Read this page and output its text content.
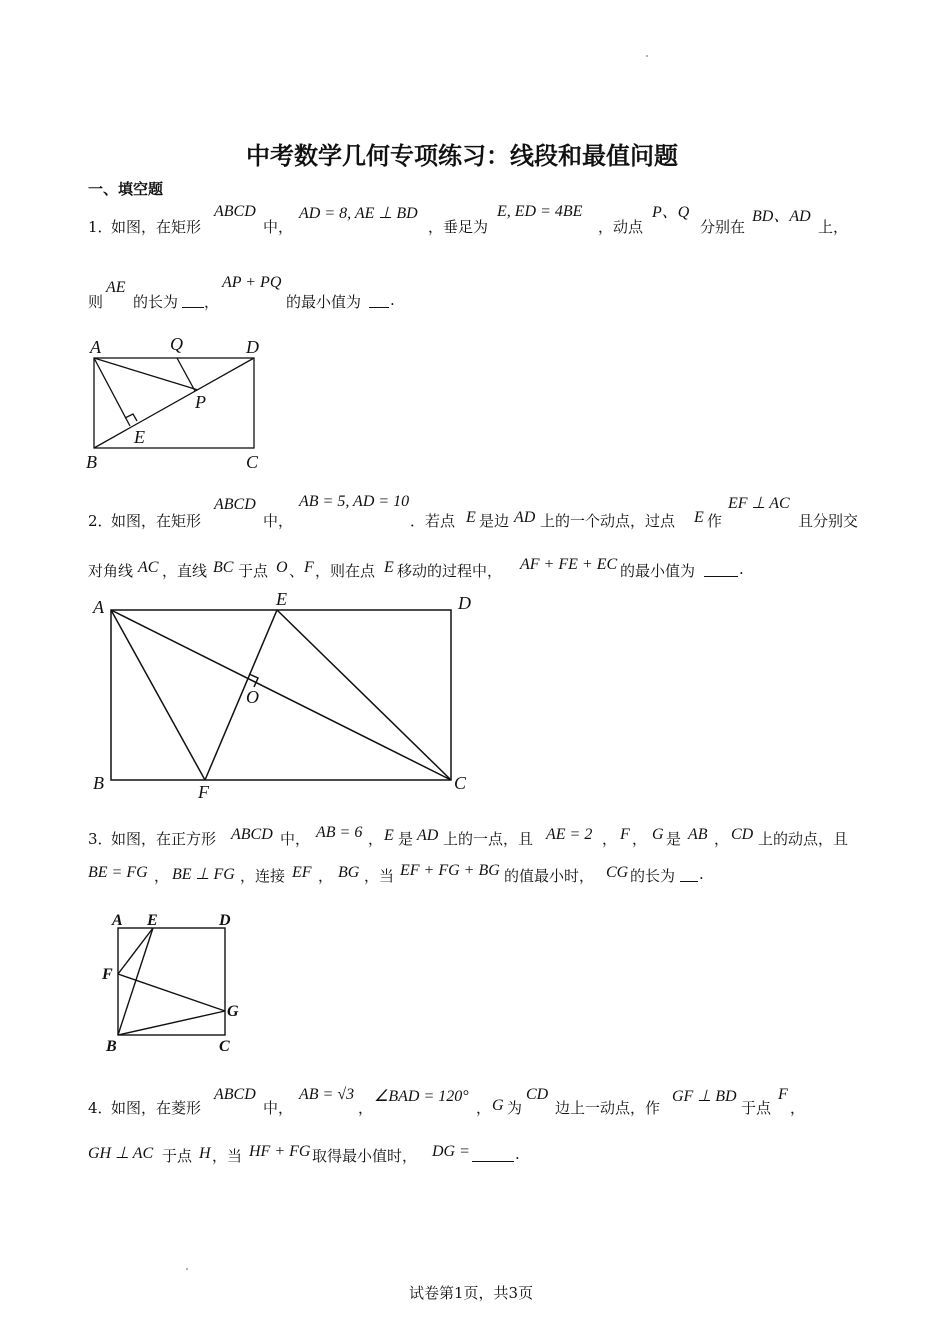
中考数学几何专项练习：线段和最值问题
一、填空题
1．
如图，在矩形
ABCD
中，
AD = 8, AE ⊥ BD
，垂足为
E, ED = 4BE
，动点
P、Q
分别在
BD、AD
上，
则
AE
的长为 ，
AP + PQ
的最小值为 .
A	Q	D
P
E
B	C
2．
如图，在矩形
ABCD
中，
AB = 5, AD = 10
．若点 E 是边 AD 上的一个动点，过点 E 作
EF ⊥ AC
且分别交
对角线 AC ，直线 BC 于点 O 、 F ，则在点 E 移动的过程中， AF + FE + EC 的最小值为	.
A	E	D
O
B	F	C
3．
如图，在正方形 ABCD 中， AB = 6 ， E 是 AD 上的一点，且 AE = 2 ， F ， G 是 AB ， CD 上的动点，且
BE = FG ， BE ⊥ FG ，连接 EF ， BG ，当 EF + FG + BG 的值最小时， CG 的长为 .
A E	D
F
G
B	C
4．
如图，在菱形
ABCD
中，
AB = √3
，
∠BAD = 120°
， G 为
CD
边上一动点，作
GF ⊥ BD
于点
F
，
GH ⊥ AC 于点 H ，当 HF + FG 取得最小值时， DG =	.
试卷第1页，共3页
